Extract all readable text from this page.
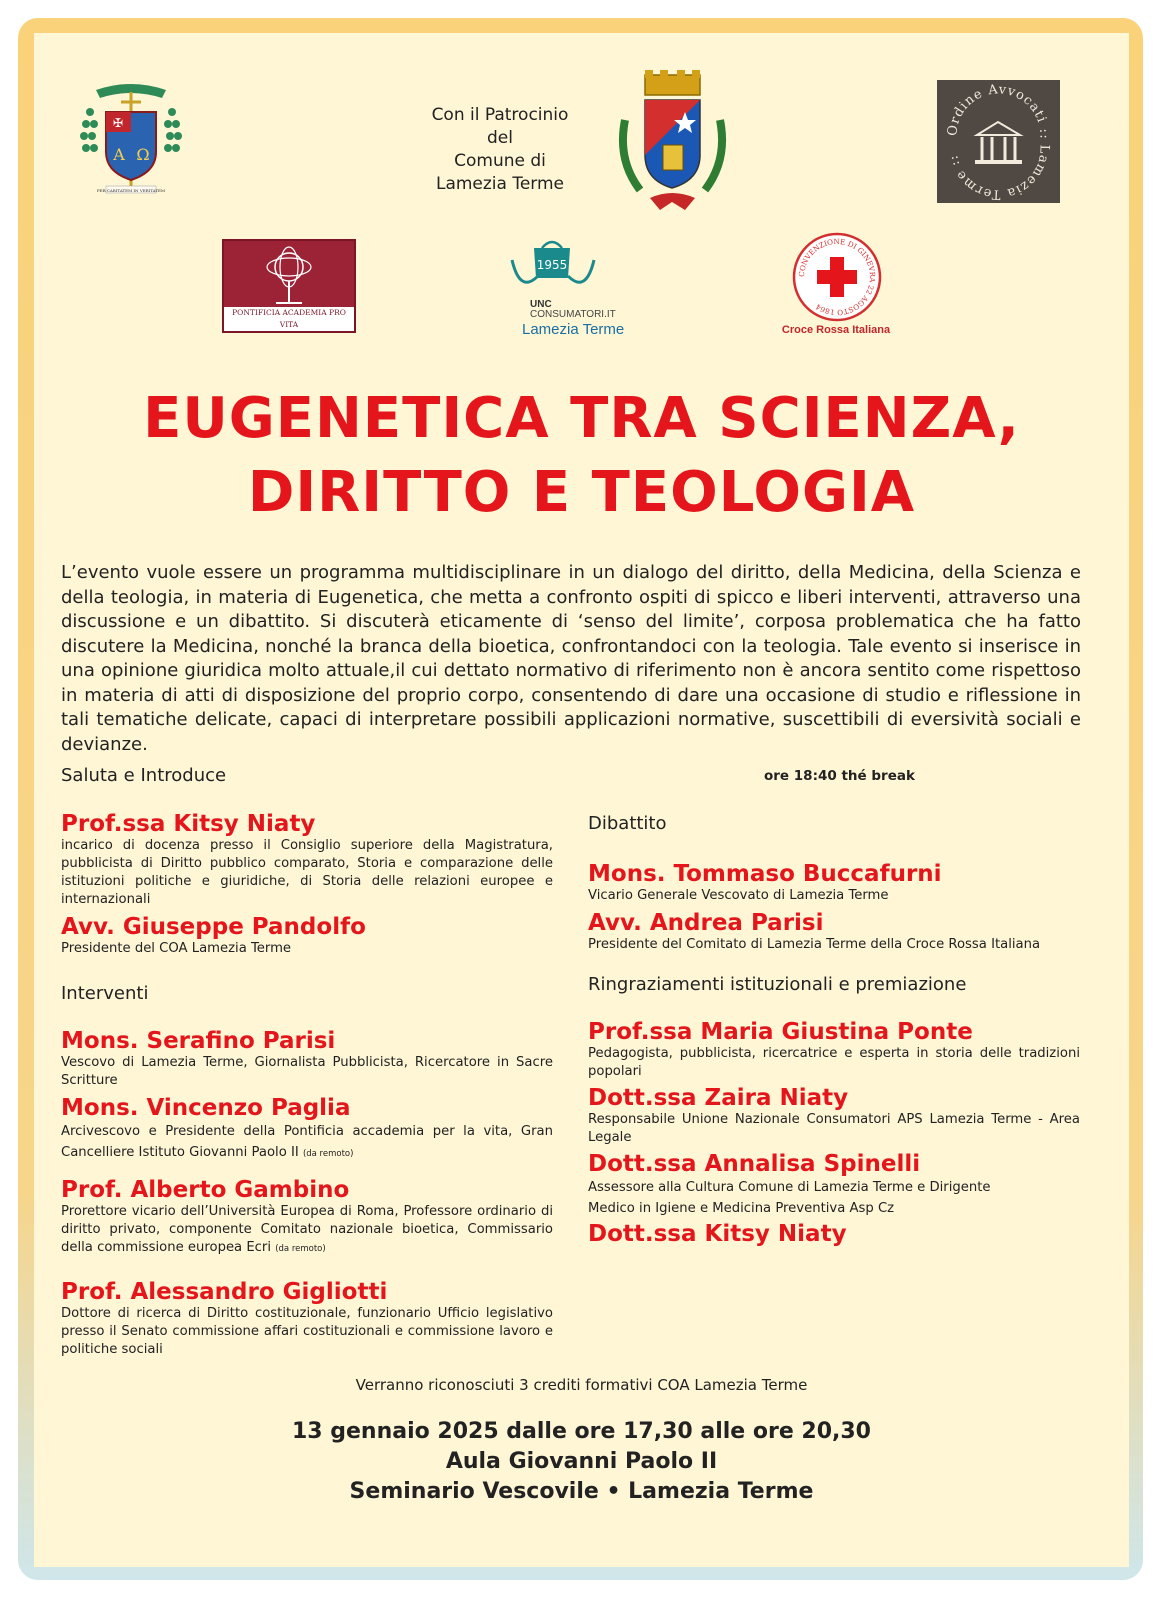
✠
Α Ω
PER CARITATEM IN VERITATEM
Con il Patrocinio
del
Comune di
Lamezia Terme
Ordine Avvocati :: Lamezia Terme ::
PONTIFICIA ACADEMIA PRO VITA
1955
UNC
CONSUMATORI.IT
Lamezia Terme
CONVENZIONE DI GINEVRA 22 AGOSTO 1864
Croce Rossa Italiana
EUGENETICA TRA SCIENZA,
DIRITTO E TEOLOGIA
L’evento vuole essere un programma multidisciplinare in un dialogo del diritto, della Medicina, della Scienza e della teologia, in materia di Eugenetica, che metta a confronto ospiti di spicco e liberi interventi, attraverso una discussione e un dibattito. Si discuterà eticamente di ‘senso del limite’, corposa problematica che ha fatto discutere la Medicina, nonché la branca della bioetica, confrontandoci con la teologia. Tale evento si inserisce in una opinione giuridica molto attuale,il cui dettato normativo di riferimento non è ancora sentito come rispettoso in materia di atti di disposizione del proprio corpo, consentendo di dare una occasione di studio e riflessione in tali tematiche delicate, capaci di interpretare possibili applicazioni normative, suscettibili di eversività sociali e devianze.
Saluta e Introduce
Prof.ssa Kitsy Niaty
incarico di docenza presso il Consiglio superiore della Magistratura, pubblicista di Diritto pubblico comparato, Storia e comparazione delle istituzioni politiche e giuridiche, di Storia delle relazioni europee e internazionali
Avv. Giuseppe Pandolfo
Presidente del COA Lamezia Terme
Interventi
Mons. Serafino Parisi
Vescovo di Lamezia Terme, Giornalista Pubblicista, Ricercatore in Sacre Scritture
Mons. Vincenzo Paglia
Arcivescovo e Presidente della Pontificia accademia per la vita, Gran Cancelliere Istituto Giovanni Paolo II (da remoto)
Prof. Alberto Gambino
Prorettore vicario dell’Università Europea di Roma, Professore ordinario di diritto privato, componente Comitato nazionale bioetica, Commissario della commissione europea Ecri (da remoto)
Prof. Alessandro Gigliotti
Dottore di ricerca di Diritto costituzionale, funzionario Ufficio legislativo presso il Senato commissione affari costituzionali e commissione lavoro e politiche sociali
ore 18:40 thé break
Dibattito
Mons. Tommaso Buccafurni
Vicario Generale Vescovato di Lamezia Terme
Avv. Andrea Parisi
Presidente del Comitato di Lamezia Terme della Croce Rossa Italiana
Ringraziamenti istituzionali e premiazione
Prof.ssa Maria Giustina Ponte
Pedagogista, pubblicista, ricercatrice e esperta in storia delle tradizioni popolari
Dott.ssa Zaira Niaty
Responsabile Unione Nazionale Consumatori APS Lamezia Terme - Area Legale
Dott.ssa Annalisa Spinelli
Assessore alla Cultura Comune di Lamezia Terme e Dirigente
Medico in Igiene e Medicina Preventiva Asp Cz
Dott.ssa Kitsy Niaty
Verranno riconosciuti 3 crediti formativi COA Lamezia Terme
13 gennaio 2025 dalle ore 17,30 alle ore 20,30
Aula Giovanni Paolo II
Seminario Vescovile • Lamezia Terme
